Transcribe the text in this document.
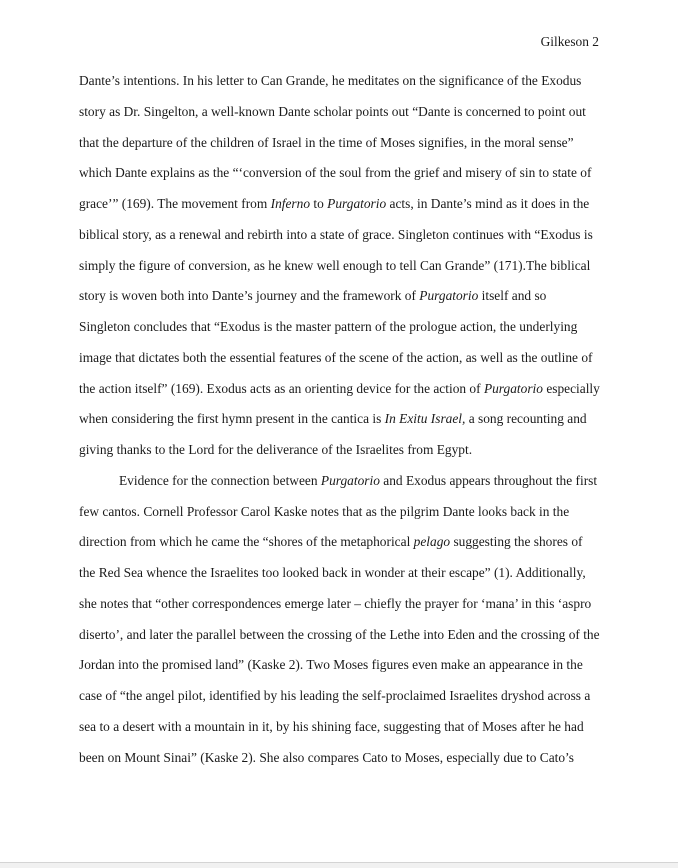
Gilkeson 2
Dante’s intentions. In his letter to Can Grande, he meditates on the significance of the Exodus
story as Dr. Singelton, a well-known Dante scholar points out “Dante is concerned to point out
that the departure of the children of Israel in the time of Moses signifies, in the moral sense”
which Dante explains as the “‘conversion of the soul from the grief and misery of sin to state of
grace’” (169). The movement from Inferno to Purgatorio acts, in Dante’s mind as it does in the
biblical story, as a renewal and rebirth into a state of grace. Singleton continues with “Exodus is
simply the figure of conversion, as he knew well enough to tell Can Grande” (171).The biblical
story is woven both into Dante’s journey and the framework of Purgatorio itself and so
Singleton concludes that “Exodus is the master pattern of the prologue action, the underlying
image that dictates both the essential features of the scene of the action, as well as the outline of
the action itself” (169). Exodus acts as an orienting device for the action of Purgatorio especially
when considering the first hymn present in the cantica is In Exitu Israel, a song recounting and
giving thanks to the Lord for the deliverance of the Israelites from Egypt.
Evidence for the connection between Purgatorio and Exodus appears throughout the first
few cantos. Cornell Professor Carol Kaske notes that as the pilgrim Dante looks back in the
direction from which he came the “shores of the metaphorical pelago suggesting the shores of
the Red Sea whence the Israelites too looked back in wonder at their escape” (1). Additionally,
she notes that “other correspondences emerge later – chiefly the prayer for ‘mana’ in this ‘aspro
diserto’, and later the parallel between the crossing of the Lethe into Eden and the crossing of the
Jordan into the promised land” (Kaske 2). Two Moses figures even make an appearance in the
case of “the angel pilot, identified by his leading the self-proclaimed Israelites dryshod across a
sea to a desert with a mountain in it, by his shining face, suggesting that of Moses after he had
been on Mount Sinai” (Kaske 2). She also compares Cato to Moses, especially due to Cato’s
